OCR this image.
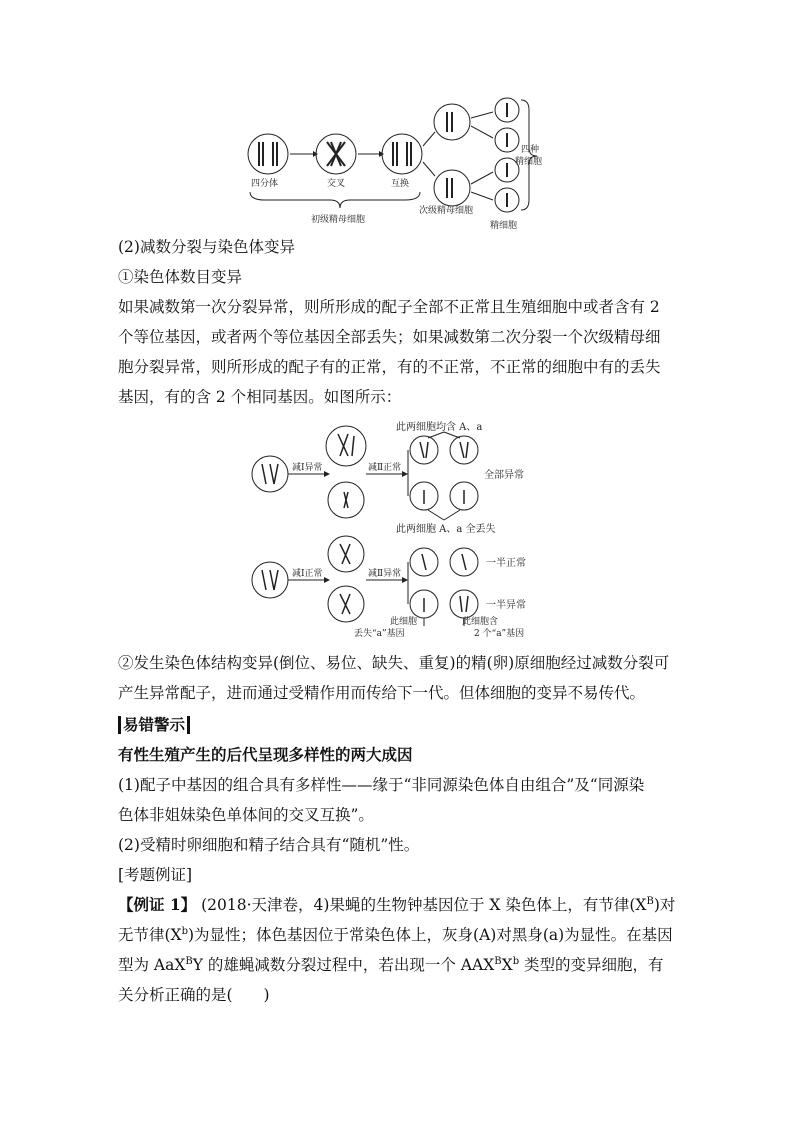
四分体	交叉	互换
初级精母细胞
次级精母细胞
精细胞
四种
精细胞
(2)减数分裂与染色体变异
①染色体数目变异
如果减数第一次分裂异常，则所形成的配子全部不正常且生殖细胞中或者含有 2
个等位基因，或者两个等位基因全部丢失；如果减数第二次分裂一个次级精母细
胞分裂异常，则所形成的配子有的正常，有的不正常，不正常的细胞中有的丢失
基因，有的含 2 个相同基因。如图所示：
此两细胞均含 A、a
减Ⅰ异常	减Ⅱ正常
全部异常
此两细胞 A、a 全丢失
减Ⅰ正常	减Ⅱ异常
一半正常
一半异常
此细胞
丢失“a”基因
此细胞含
2 个“a”基因
②发生染色体结构变异(倒位、易位、缺失、重复)的精(卵)原细胞经过减数分裂可
产生异常配子，进而通过受精作用而传给下一代。但体细胞的变异不易传代。
易错警示
有性生殖产生的后代呈现多样性的两大成因
(1)配子中基因的组合具有多样性——缘于“非同源染色体自由组合”及“同源染
色体非姐妹染色单体间的交叉互换”。
(2)受精时卵细胞和精子结合具有“随机”性。
[考题例证]
【例证 1】 (2018·天津卷，4)果蝇的生物钟基因位于 X 染色体上，有节律$(X^B)$对
无节律$(X^b)$为显性；体色基因位于常染色体上，灰身(A)对黑身(a)为显性。在基因
型为 AaX$^B$Y 的雄蝇减数分裂过程中，若出现一个 $AAX^BX^b$ 类型的变异细胞，有
关分析正确的是(　　)
